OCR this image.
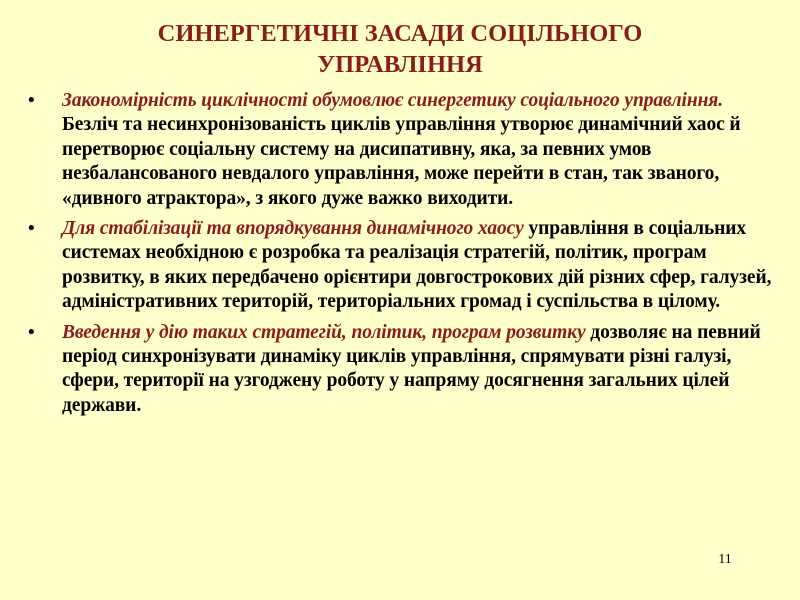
СИНЕРГЕТИЧНІ ЗАСАДИ СОЦІЛЬНОГО
УПРАВЛІННЯ
• Закономірність циклічності обумовлює синергетику соціального управління. Безліч та несинхронізованість циклів управління утворює динамічний хаос й перетворює соціальну систему на дисипативну, яка, за певних умов незбалансованого невдалого управління, може перейти в стан, так званого, «дивного атрактора», з якого дуже важко виходити.
• Для стабілізації та впорядкування динамічного хаосу управління в соціальних системах необхідною є розробка та реалізація стратегій, політик, програм розвитку, в яких передбачено орієнтири довгострокових дій різних сфер, галузей, адміністративних територій, територіальних громад і суспільства в цілому.
• Введення у дію таких стратегій, політик, програм розвитку дозволяє на певний період синхронізувати динаміку циклів управління, спрямувати різні галузі, сфери, території на узгоджену роботу у напряму досягнення загальних цілей держави.
11
